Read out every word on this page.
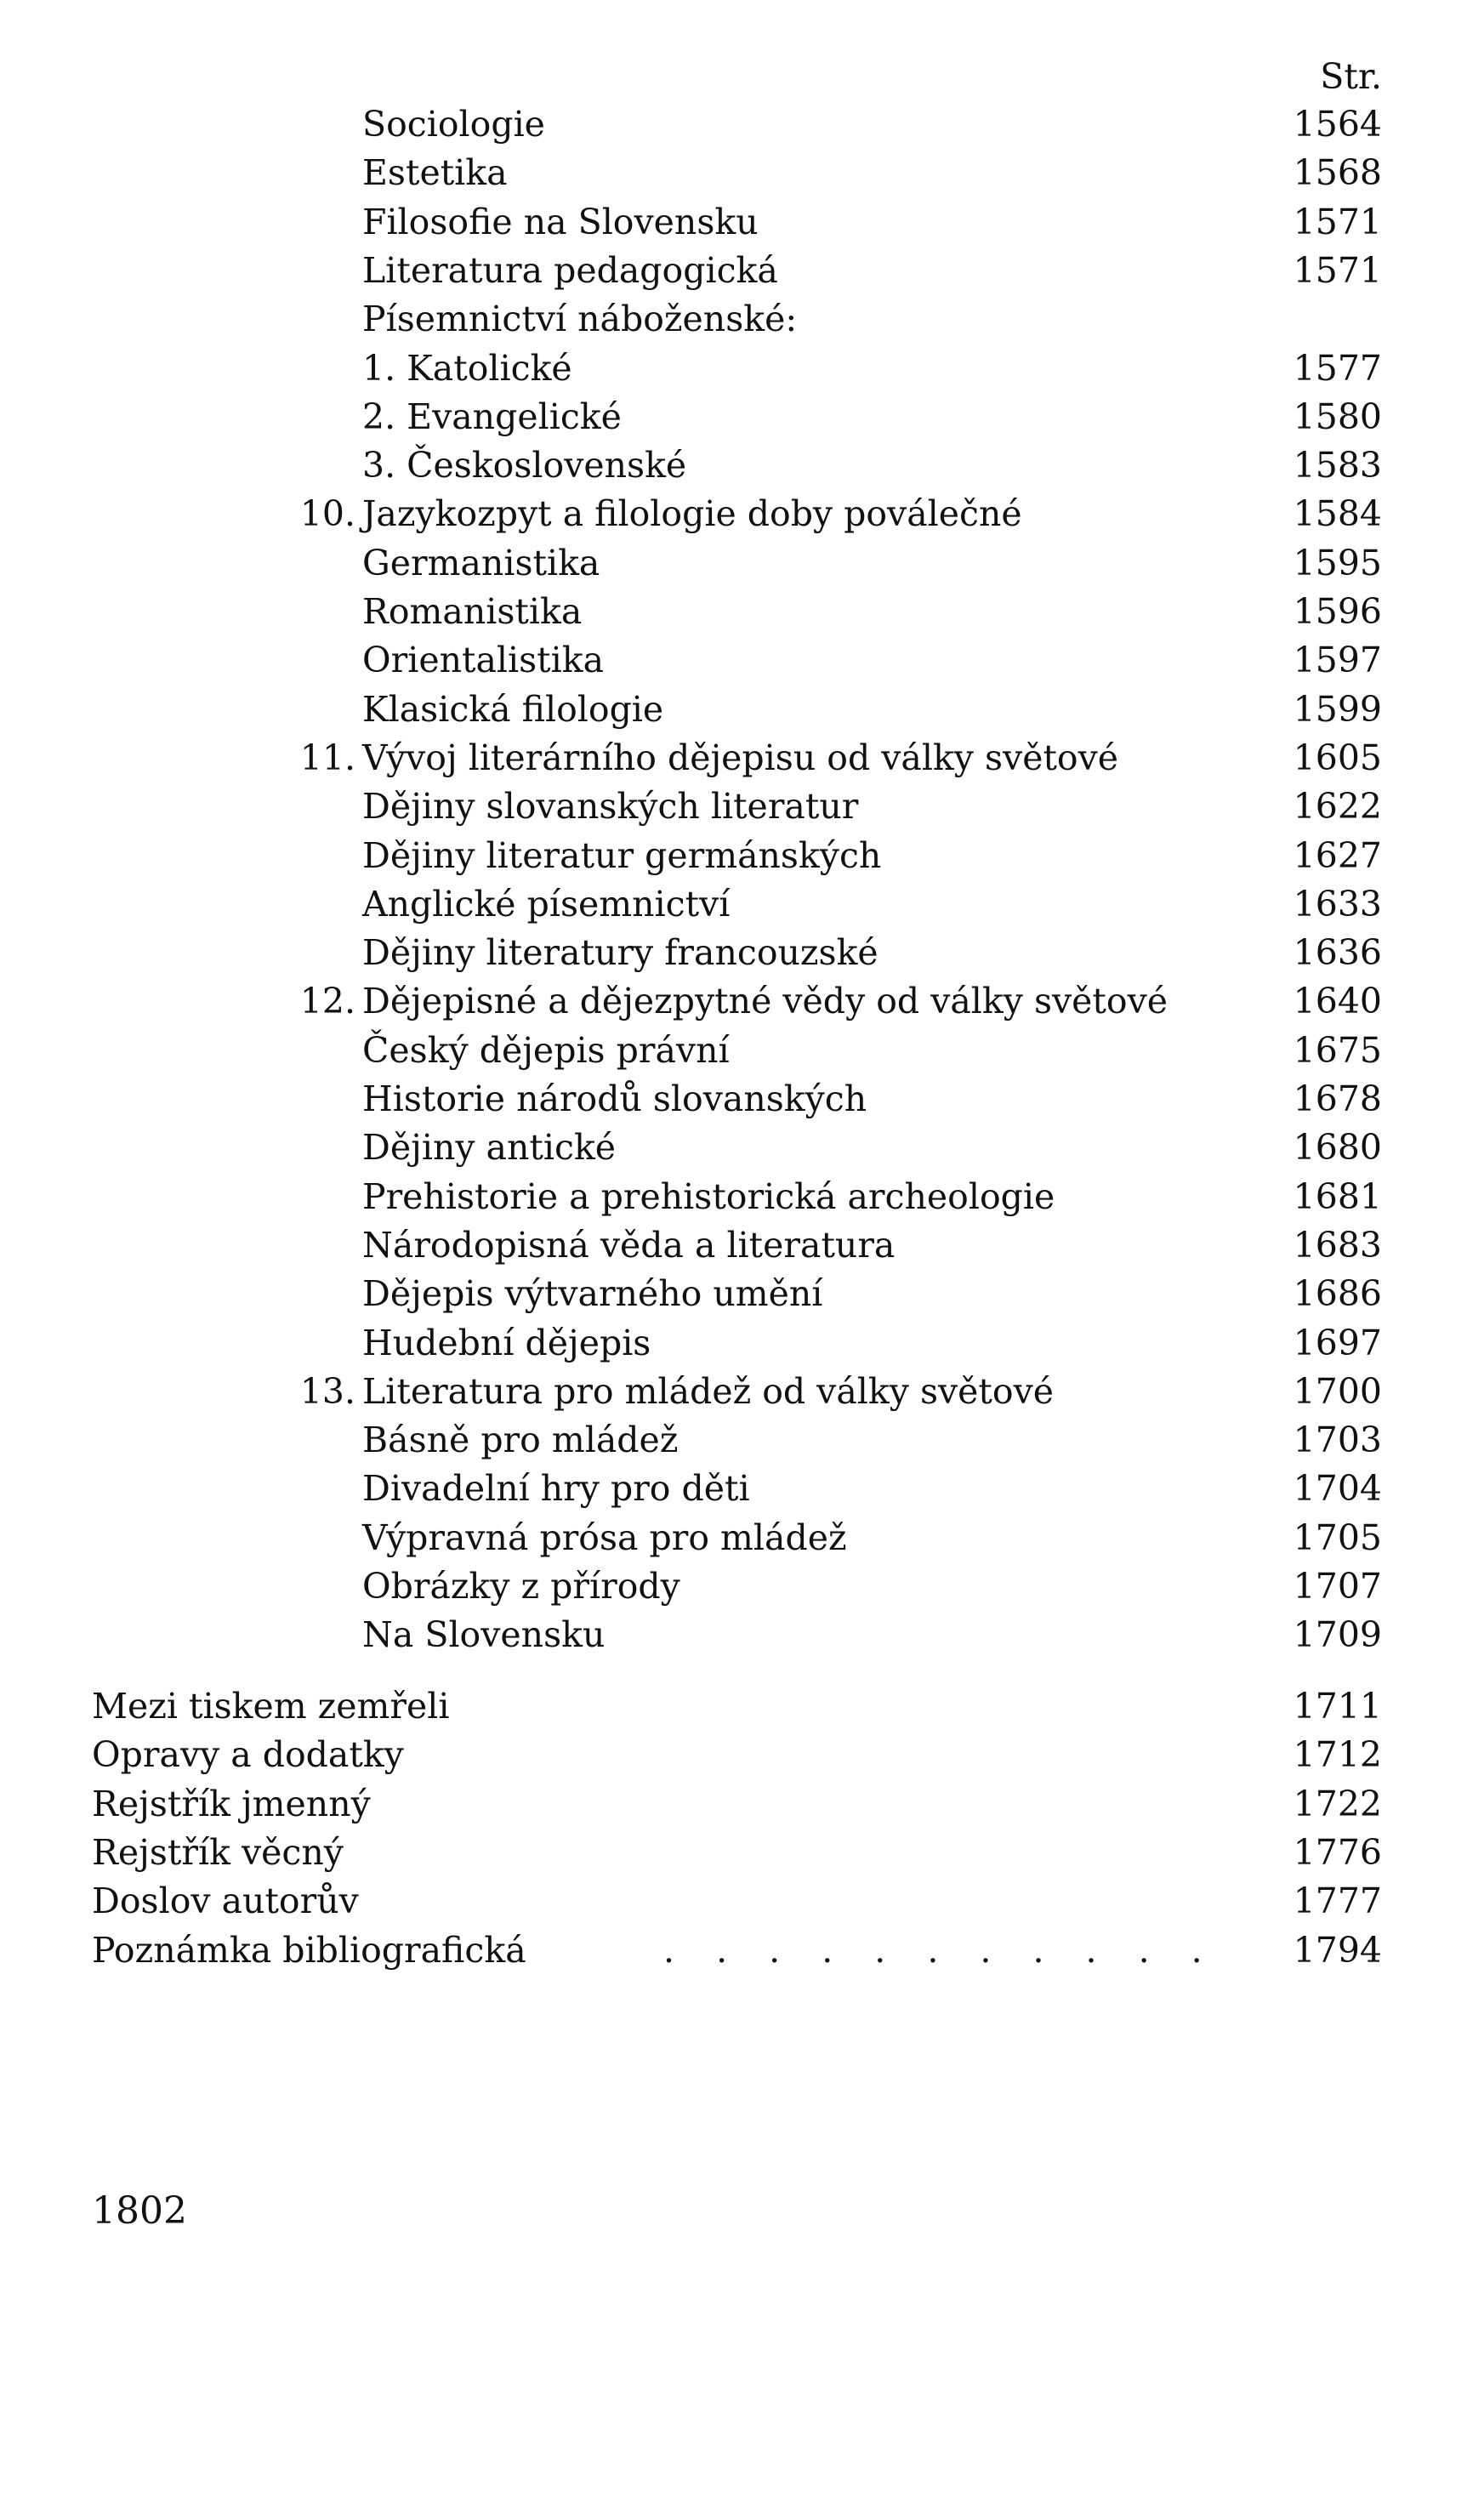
Str.
Sociologie	1564
Estetika	1568
Filosofie na Slovensku	1571
Literatura pedagogická	1571
Písemnictví náboženské:
1. Katolické	1577
2. Evangelické	1580
3. Československé	1583
10. Jazykozpyt a filologie doby poválečné	1584
Germanistika	1595
Romanistika	1596
Orientalistika	1597
Klasická filologie	1599
11. Vývoj literárního dějepisu od války světové	1605
Dějiny slovanských literatur	1622
Dějiny literatur germánských	1627
Anglické písemnictví	1633
Dějiny literatury francouzské	1636
12. Dějepisné a dějezpytné vědy od války světové	1640
Český dějepis právní	1675
Historie národů slovanských	1678
Dějiny antické	1680
Prehistorie a prehistorická archeologie	1681
Národopisná věda a literatura	1683
Dějepis výtvarného umění	1686
Hudební dějepis	1697
13. Literatura pro mládež od války světové	1700
Básně pro mládež	1703
Divadelní hry pro děti	1704
Výpravná prósa pro mládež	1705
Obrázky z přírody	1707
Na Slovensku	1709
Mezi tiskem zemřeli	1711
Opravy a dodatky	1712
Rejstřík jmenný	1722
Rejstřík věcný	1776
Doslov autorův	1777
Poznámka bibliografická	. . . . . . . . . . .	1794
1802
